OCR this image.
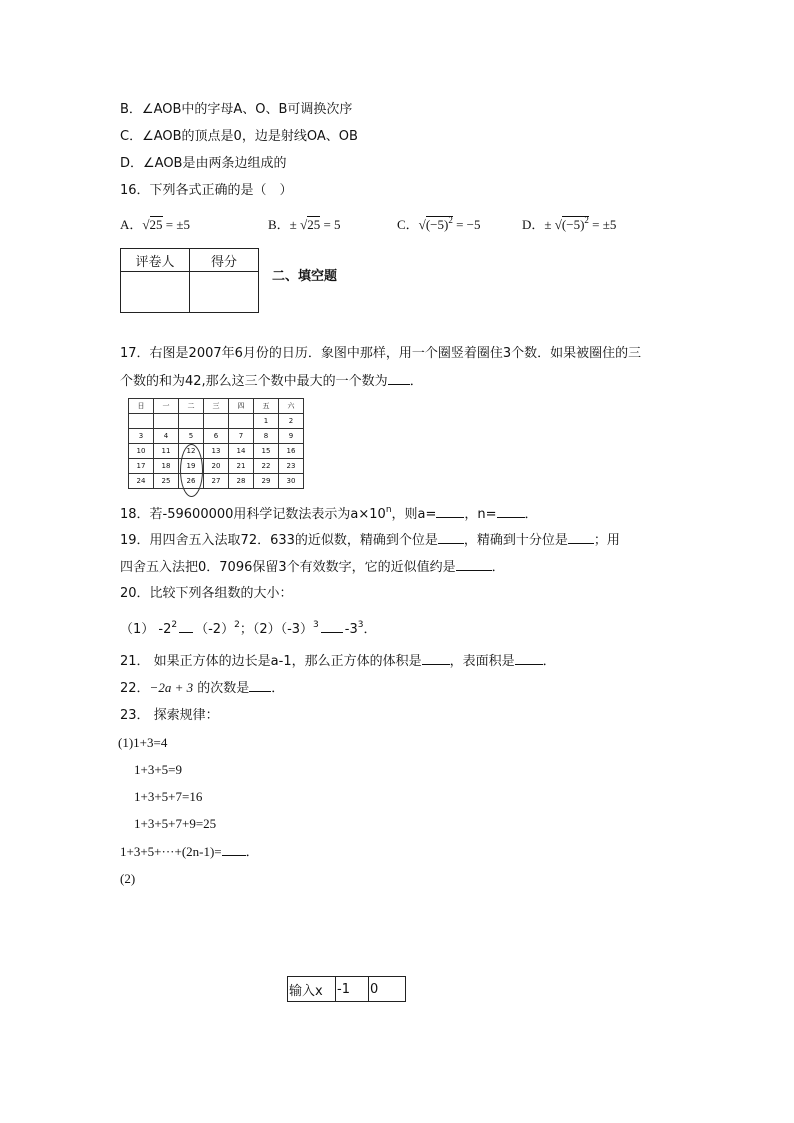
B．∠AOB中的字母A、O、B可调换次序
C．∠AOB的顶点是0，边是射线OA、OB
D．∠AOB是由两条边组成的
16．下列各式正确的是（　）
A．√25 = ±5	B．± √25 = 5	C．$√(-5)^2 = -5$	D．± $√(-5)^2 = \pm 5$
评卷人	得分

二、填空题
17．右图是2007年6月份的日历．象图中那样，用一个圈竖着圈住3个数．如果被圈住的三
个数的和为42,那么这三个数中最大的一个数为 ．
日	一	二	三	四	五	六
					1	2
3	4	5	6	7	8	9
10	11	12	13	14	15	16
17	18	19	20	21	22	23
24	25	26	27	28	29	30
18．若-59600000用科学记数法表示为$a\times 10^n$，则a= ，n= ．
19．用四舍五入法取72．633的近似数，精确到个位是 ，精确到十分位是 ；用
四舍五入法把0．7096保留3个有效数字，它的近似值约是	．
20．比较下列各组数的大小：
（1） $-2^2$ $(-2)^2$；$(2)(-3)^3$ $-3^3$．
21． 如果正方体的边长是a-1，那么正方体的体积是 ，表面积是 ．
22．−2a + 3 的次数是 ．
23． 探索规律：
(1)1+3=4
1+3+5=9
1+3+5+7=16
1+3+5+7+9=25
1+3+5+···+(2n-1)= ．
(2)
输入x	-1	0
